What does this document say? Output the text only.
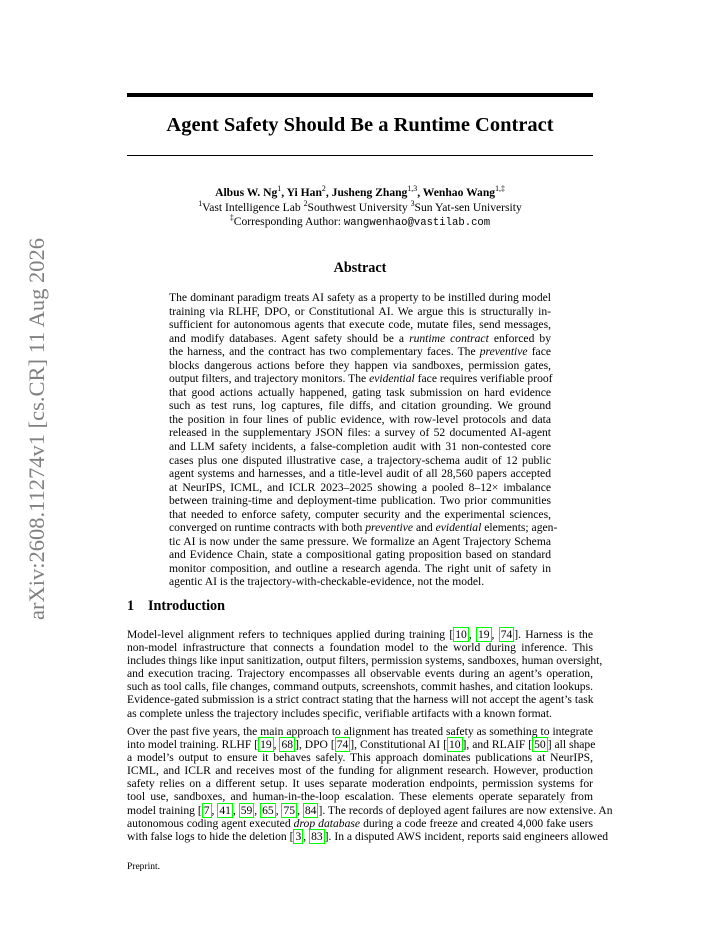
Agent Safety Should Be a Runtime Contract
Albus W. Ng$^1$, Yi Han$^2$, Jusheng Zhang$^{1,3}$, Wenhao Wang$^{1,\ddagger}$
$^1$Vast Intelligence Lab $^2$Southwest University $^3$Sun Yat-sen University
‡Corresponding Author: wangwenhao@vastilab.com
Abstract
The dominant paradigm treats AI safety as a property to be instilled during model
training via RLHF, DPO, or Constitutional AI. We argue this is structurally in-
sufficient for autonomous agents that execute code, mutate files, send messages,
and modify databases. Agent safety should be a runtime contract enforced by
the harness, and the contract has two complementary faces. The preventive face
blocks dangerous actions before they happen via sandboxes, permission gates,
output filters, and trajectory monitors. The evidential face requires verifiable proof
that good actions actually happened, gating task submission on hard evidence
such as test runs, log captures, file diffs, and citation grounding. We ground
the position in four lines of public evidence, with row-level protocols and data
released in the supplementary JSON files: a survey of 52 documented AI-agent
and LLM safety incidents, a false-completion audit with 31 non-contested core
cases plus one disputed illustrative case, a trajectory-schema audit of 12 public
agent systems and harnesses, and a title-level audit of all 28,560 papers accepted
at NeurIPS, ICML, and ICLR 2023–2025 showing a pooled 8–12× imbalance
between training-time and deployment-time publication. Two prior communities
that needed to enforce safety, computer security and the experimental sciences,
converged on runtime contracts with both preventive and evidential elements; agen-
tic AI is now under the same pressure. We formalize an Agent Trajectory Schema
and Evidence Chain, state a compositional gating proposition based on standard
monitor composition, and outline a research agenda. The right unit of safety in
agentic AI is the trajectory-with-checkable-evidence, not the model.
1 Introduction
Model-level alignment refers to techniques applied during training [ 10 , 19 , 74 ]. Harness is the
non-model infrastructure that connects a foundation model to the world during inference. This
includes things like input sanitization, output filters, permission systems, sandboxes, human oversight,
and execution tracing. Trajectory encompasses all observable events during an agent’s operation,
such as tool calls, file changes, command outputs, screenshots, commit hashes, and citation lookups.
Evidence-gated submission is a strict contract stating that the harness will not accept the agent’s task
as complete unless the trajectory includes specific, verifiable artifacts with a known format.
Over the past five years, the main approach to alignment has treated safety as something to integrate
into model training. RLHF [ 19 , 68 ], DPO [ 74 ], Constitutional AI [ 10 ], and RLAIF [ 50 ] all shape
a model’s output to ensure it behaves safely. This approach dominates publications at NeurIPS,
ICML, and ICLR and receives most of the funding for alignment research. However, production
safety relies on a different setup. It uses separate moderation endpoints, permission systems for
tool use, sandboxes, and human-in-the-loop escalation. These elements operate separately from
model training [ 7 , 41 , 59 , 65 , 75 , 84 ]. The records of deployed agent failures are now extensive. An
autonomous coding agent executed drop database during a code freeze and created 4,000 fake users
with false logs to hide the deletion [ 3 , 83 ]. In a disputed AWS incident, reports said engineers allowed
Preprint.
arXiv:2608.11274v1 [cs.CR] 11 Aug 2026
